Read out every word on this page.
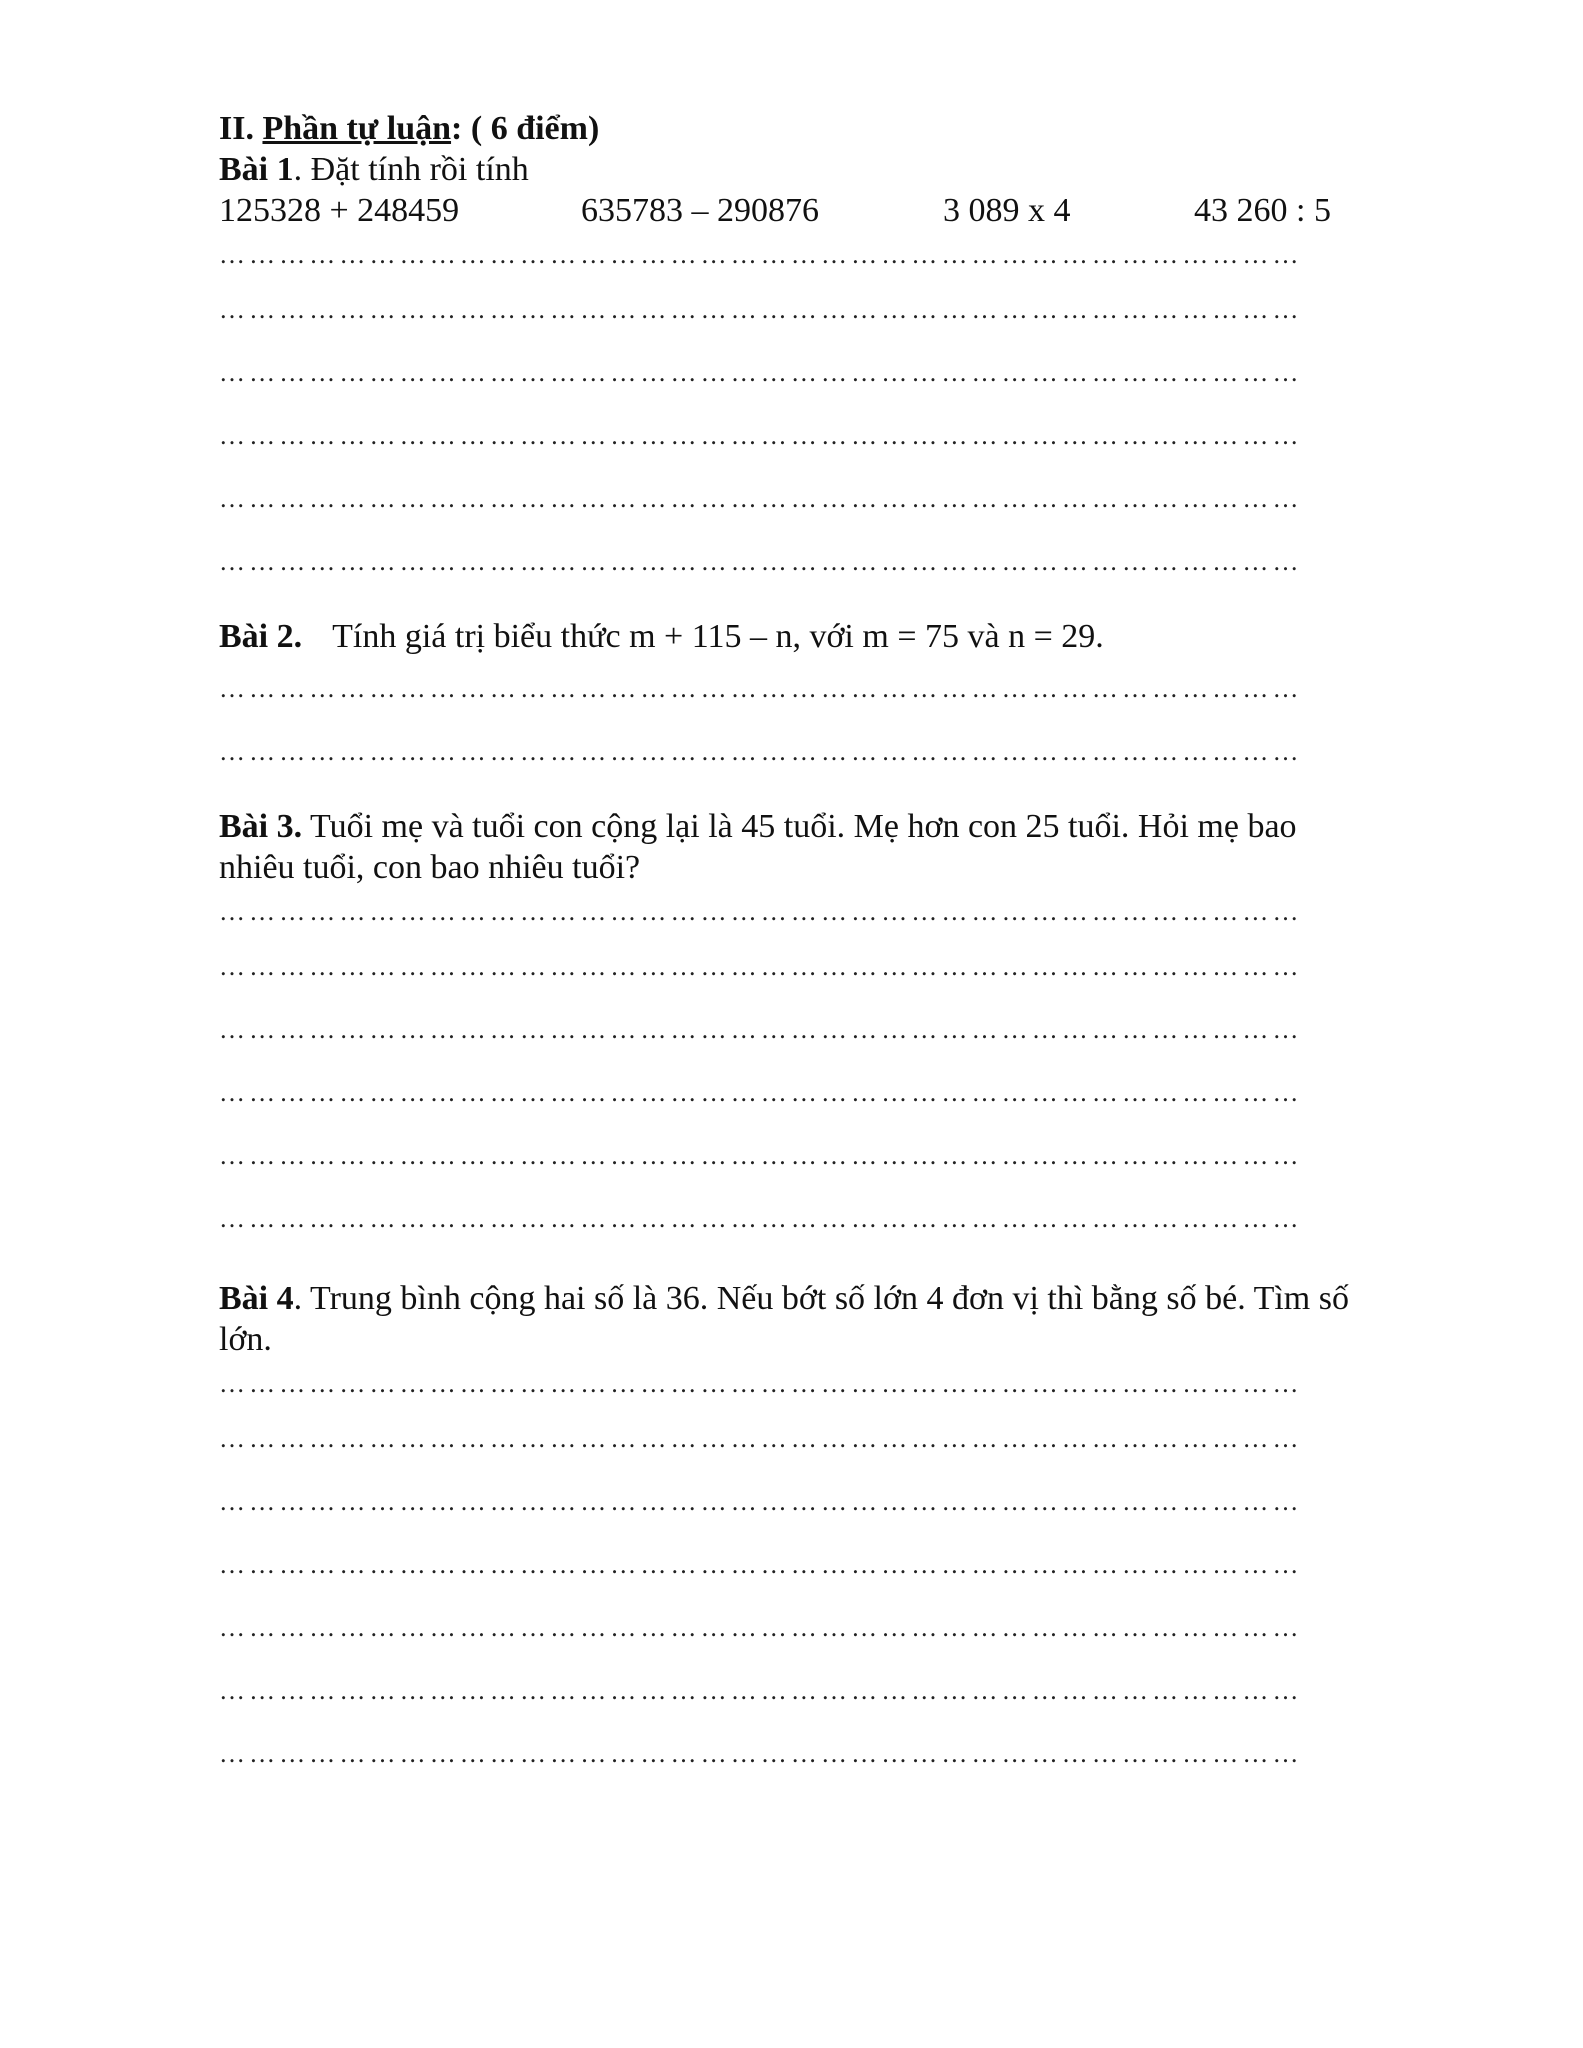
II. Phần tự luận: ( 6 điểm)
Bài 1. Đặt tính rồi tính
125328 + 248459	635783 – 290876	3 089 x 4	43 260 : 5
………………………………………………………………………………………………
………………………………………………………………………………………………
………………………………………………………………………………………………
………………………………………………………………………………………………
………………………………………………………………………………………………
………………………………………………………………………………………………
Bài 2. Tính giá trị biểu thức m + 115 – n, với m = 75 và n = 29.
………………………………………………………………………………………………
………………………………………………………………………………………………
Bài 3. Tuổi mẹ và tuổi con cộng lại là 45 tuổi. Mẹ hơn con 25 tuổi. Hỏi mẹ bao
nhiêu tuổi, con bao nhiêu tuổi?
………………………………………………………………………………………………
………………………………………………………………………………………………
………………………………………………………………………………………………
………………………………………………………………………………………………
………………………………………………………………………………………………
………………………………………………………………………………………………
Bài 4. Trung bình cộng hai số là 36. Nếu bớt số lớn 4 đơn vị thì bằng số bé. Tìm số
lớn.
………………………………………………………………………………………………
………………………………………………………………………………………………
………………………………………………………………………………………………
………………………………………………………………………………………………
………………………………………………………………………………………………
………………………………………………………………………………………………
………………………………………………………………………………………………
